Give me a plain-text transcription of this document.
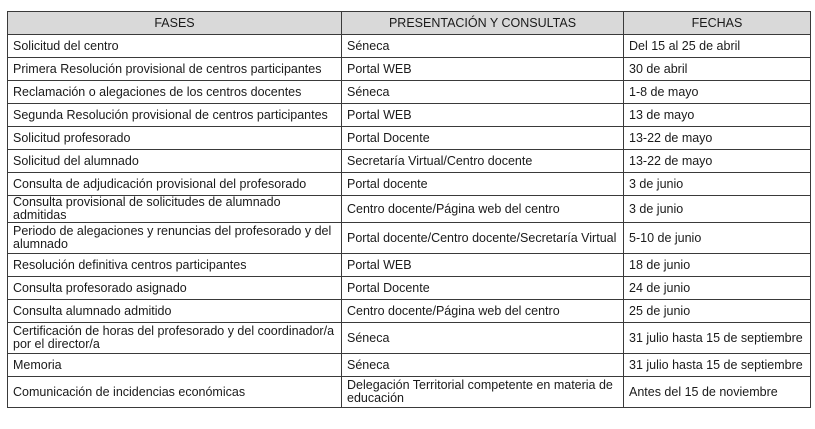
FASES	PRESENTACIÓN Y CONSULTAS	FECHAS
Solicitud del centro	Séneca	Del 15 al 25 de abril
Primera Resolución provisional de centros participantes	Portal WEB	30 de abril
Reclamación o alegaciones de los centros docentes	Séneca	1-8 de mayo
Segunda Resolución provisional de centros participantes	Portal WEB	13 de mayo
Solicitud profesorado	Portal Docente	13-22 de mayo
Solicitud del alumnado	Secretaría Virtual/Centro docente	13-22 de mayo
Consulta de adjudicación provisional del profesorado	Portal docente	3 de junio
Consulta provisional de solicitudes de alumnado admitidas	Centro docente/Página web del centro	3 de junio
Periodo de alegaciones y renuncias del profesorado y del alumnado	Portal docente/Centro docente/Secretaría Virtual	5-10 de junio
Resolución definitiva centros participantes	Portal WEB	18 de junio
Consulta profesorado asignado	Portal Docente	24 de junio
Consulta alumnado admitido	Centro docente/Página web del centro	25 de junio
Certificación de horas del profesorado y del coordinador/a por el director/a	Séneca	31 julio hasta 15 de septiembre
Memoria	Séneca	31 julio hasta 15 de septiembre
Comunicación de incidencias económicas	Delegación Territorial competente en materia de educación	Antes del 15 de noviembre
